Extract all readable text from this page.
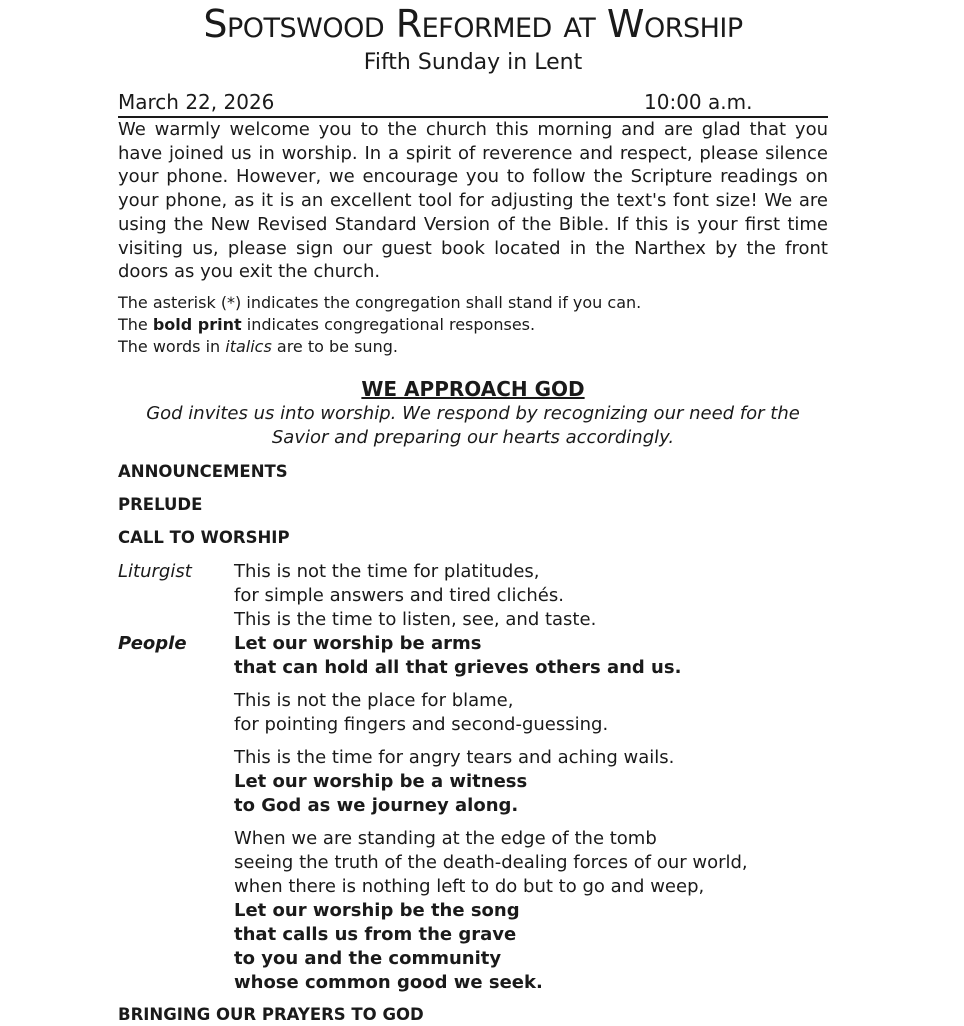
Spotswood Reformed at Worship
Fifth Sunday in Lent
March 22, 2026	10:00 a.m.

We warmly welcome you to the church this morning and are glad that you have joined us in worship. In a spirit of reverence and respect, please silence your phone. However, we encourage you to follow the Scripture readings on your phone, as it is an excellent tool for adjusting the text's font size! We are using the New Revised Standard Version of the Bible. If this is your first time visiting us, please sign our guest book located in the Narthex by the front doors as you exit the church.

The asterisk (*) indicates the congregation shall stand if you can.
The bold print indicates congregational responses.
The words in italics are to be sung.
WE APPROACH GOD
God invites us into worship. We respond by recognizing our need for the
Savior and preparing our hearts accordingly.
ANNOUNCEMENTS
PRELUDE
CALL TO WORSHIP
Liturgist This is not the time for platitudes,
for simple answers and tired clichés.
This is the time to listen, see, and taste.
People	Let our worship be arms
that can hold all that grieves others and us.
This is not the place for blame,
for pointing fingers and second-guessing.
This is the time for angry tears and aching wails.
Let our worship be a witness
to God as we journey along.
When we are standing at the edge of the tomb
seeing the truth of the death-dealing forces of our world,
when there is nothing left to do but to go and weep,
Let our worship be the song
that calls us from the grave
to you and the community
whose common good we seek.
BRINGING OUR PRAYERS TO GOD
